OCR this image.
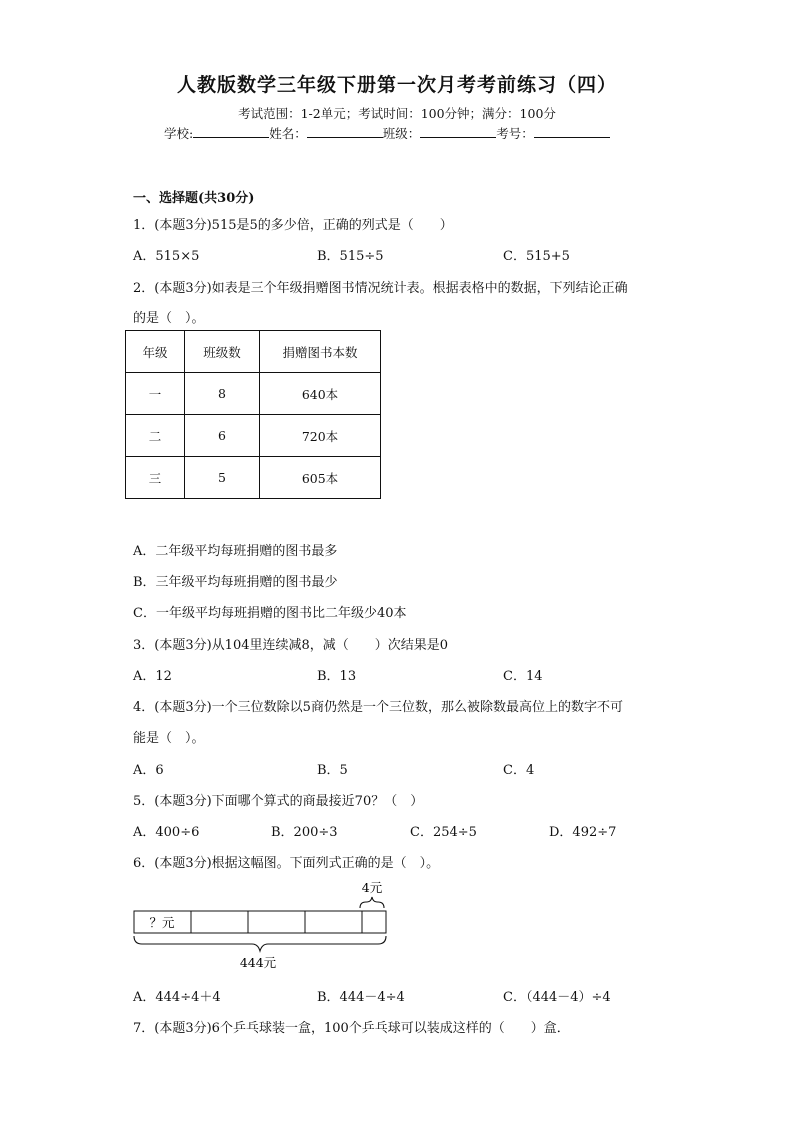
人教版数学三年级下册第一次月考考前练习（四）
考试范围：1-2单元；考试时间：100分钟；满分：100分
学校:	姓名：	班级：	考号：
一、选择题(共30分)
1．(本题3分)515是5的多少倍，正确的列式是（　　）
A．515×5	B．515÷5	C．515+5
2．(本题3分)如表是三个年级捐赠图书情况统计表。根据表格中的数据，下列结论正确
的是（　）。
年级	班级数	捐赠图书本数
一	8	640本
二	6	720本
三	5	605本
A．二年级平均每班捐赠的图书最多
B．三年级平均每班捐赠的图书最少
C．一年级平均每班捐赠的图书比二年级少40本
3．(本题3分)从104里连续减8，减（　　）次结果是0
A．12	B．13	C．14
4．(本题3分)一个三位数除以5商仍然是一个三位数，那么被除数最高位上的数字不可
能是（　）。
A．6	B．5	C．4
5．(本题3分)下面哪个算式的商最接近70？（　）
A．400÷6	B．200÷3	C．254÷5	D．492÷7
6．(本题3分)根据这幅图。下面列式正确的是（　）。
4元
？元
444元
A．444÷4＋4	B．444－4÷4	C．（444－4）÷4
7．(本题3分)6个乒乓球装一盒，100个乒乓球可以装成这样的（　　）盒．
